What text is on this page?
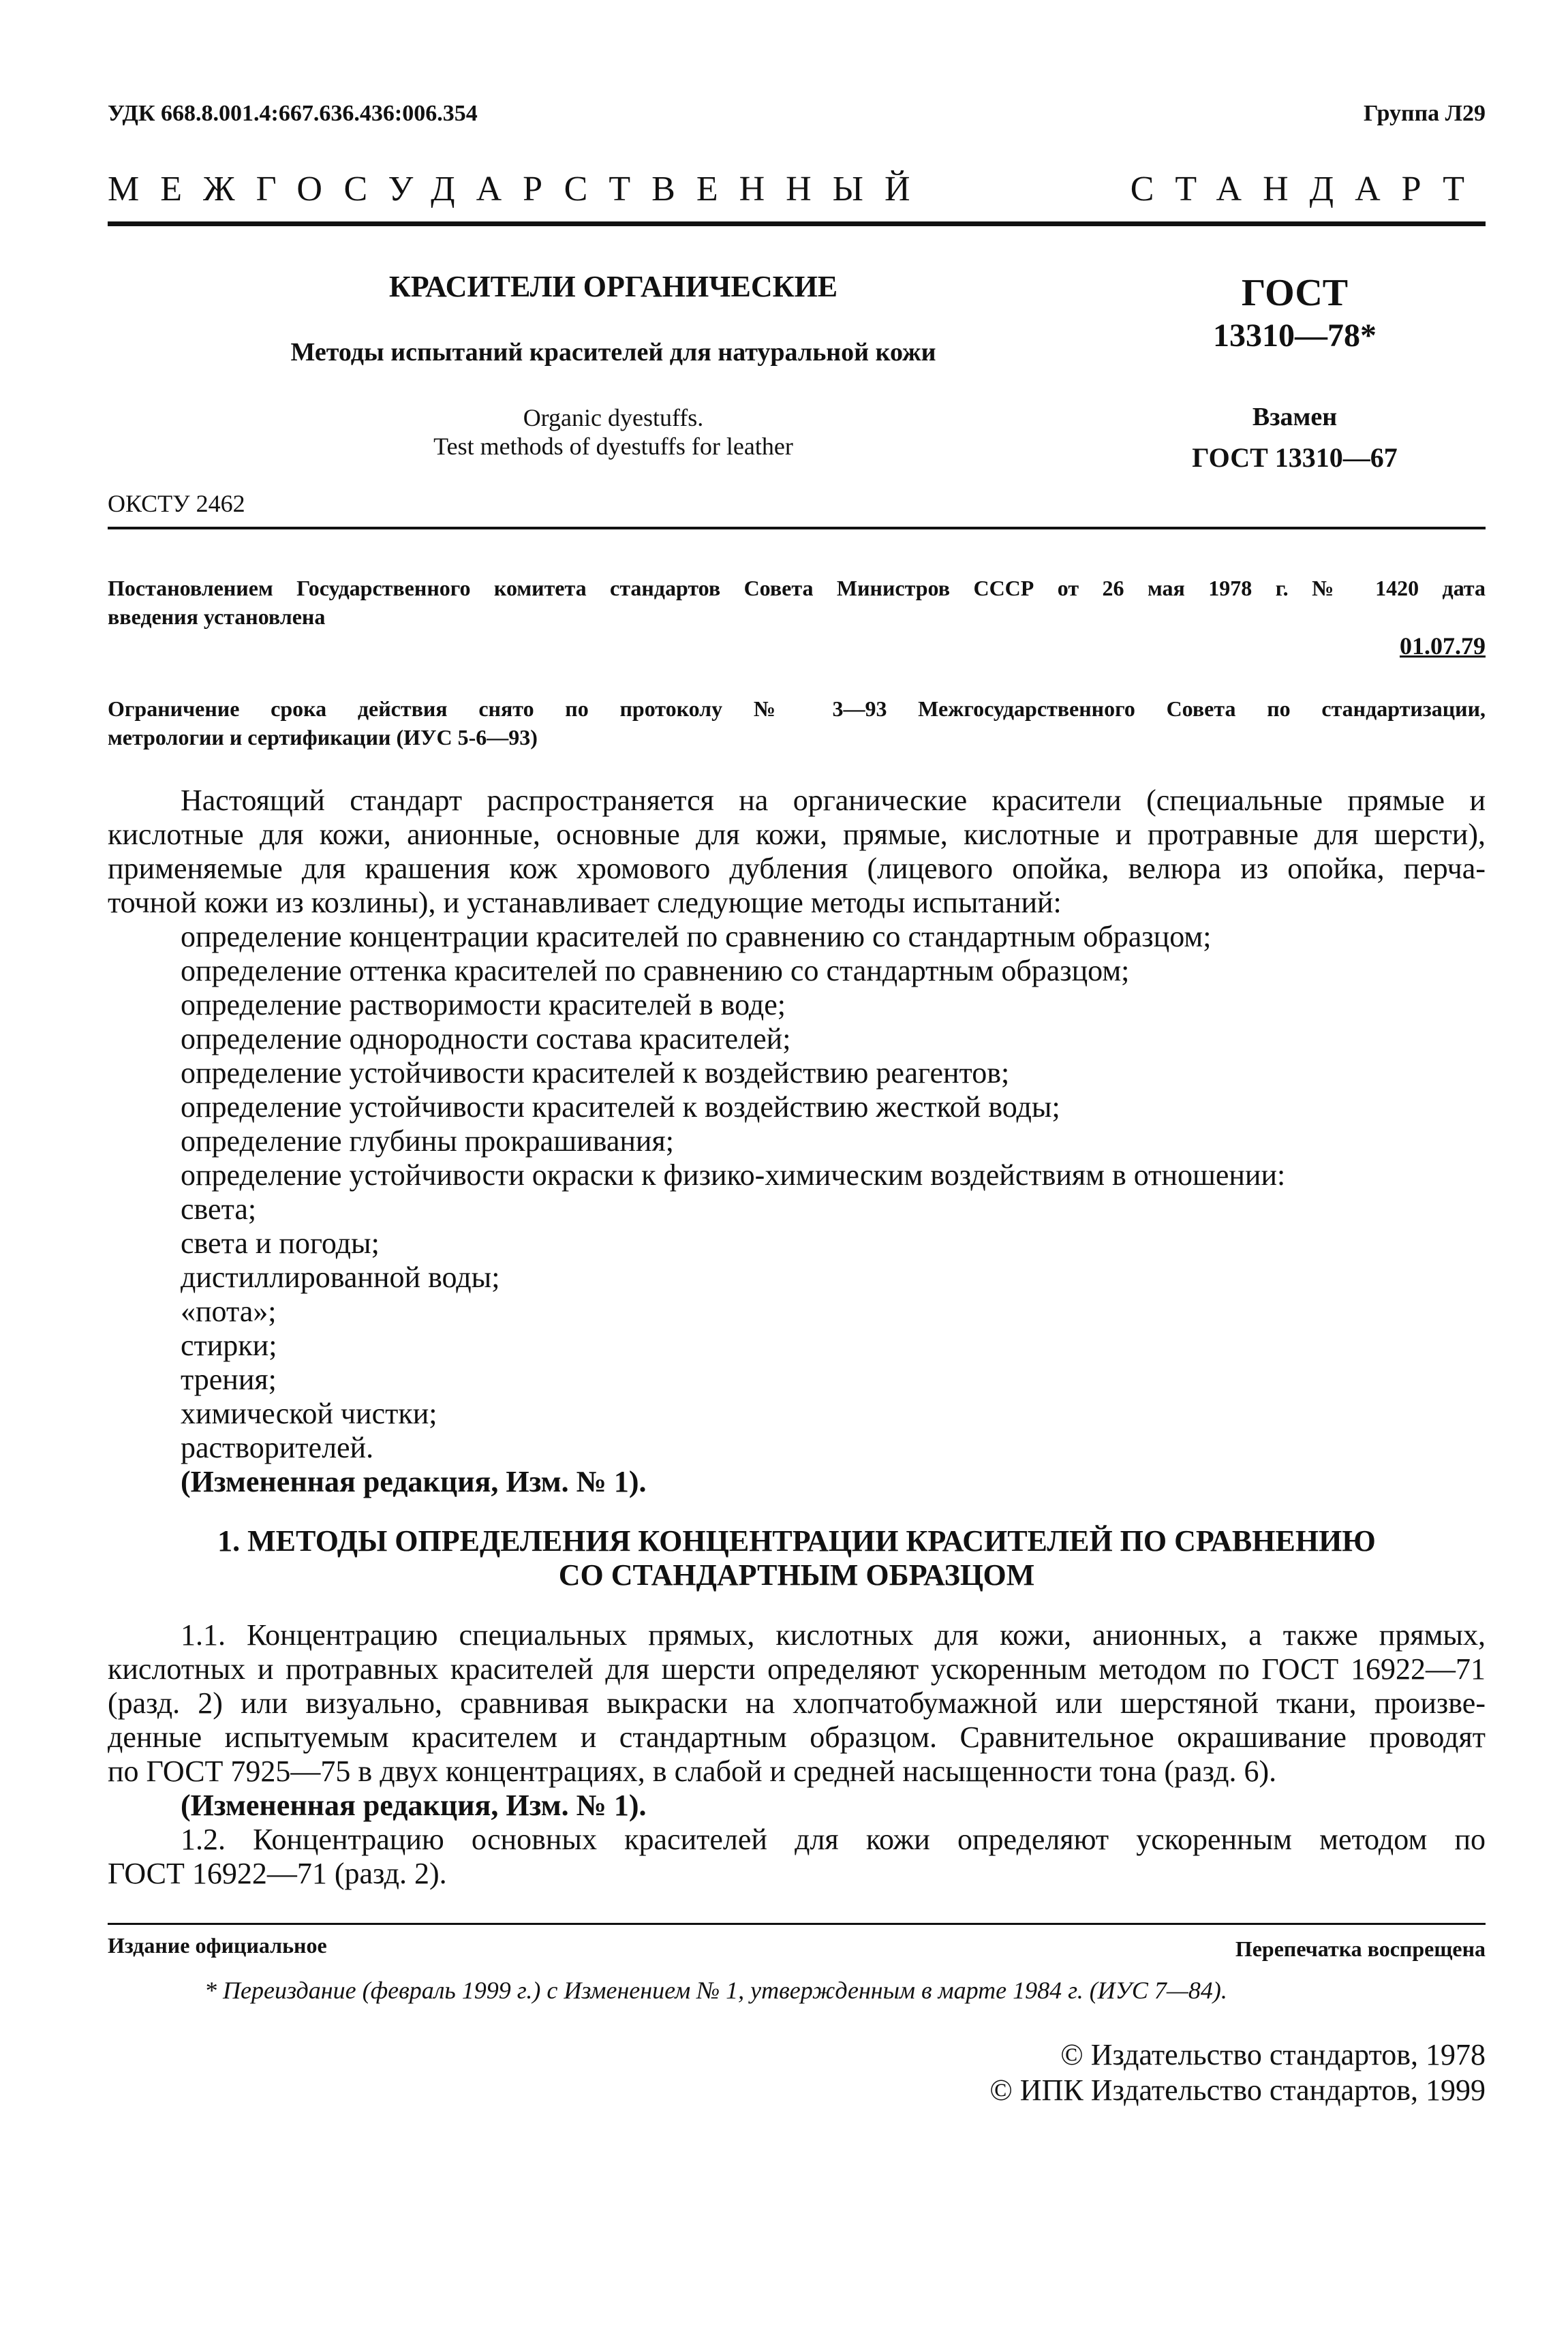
УДК 668.8.001.4:667.636.436:006.354	Группа Л29
МЕЖГОСУДАРСТВЕННЫЙ СТАНДАРТ
КРАСИТЕЛИ ОРГАНИЧЕСКИЕ
Методы испытаний красителей для натуральной кожи
Organic dyestuffs.
Test methods of dyestuffs for leather
ОКСТУ 2462
ГОСТ
13310—78*
Взамен
ГОСТ 13310—67
Постановлением Государственного комитета стандартов Совета Министров СССР от 26 мая 1978 г. № 1420 дата
введения установлена
01.07.79
Ограничение срока действия снято по протоколу № 3—93 Межгосударственного Совета по стандартизации,
метрологии и сертификации (ИУС 5-6—93)
Настоящий стандарт распространяется на органические красители (специальные прямые и
кислотные для кожи, анионные, основные для кожи, прямые, кислотные и протравные для шерсти),
применяемые для крашения кож хромового дубления (лицевого опойка, велюра из опойка, перча-
точной кожи из козлины), и устанавливает следующие методы испытаний:
определение концентрации красителей по сравнению со стандартным образцом;
определение оттенка красителей по сравнению со стандартным образцом;
определение растворимости красителей в воде;
определение однородности состава красителей;
определение устойчивости красителей к воздействию реагентов;
определение устойчивости красителей к воздействию жесткой воды;
определение глубины прокрашивания;
определение устойчивости окраски к физико-химическим воздействиям в отношении:
света;
света и погоды;
дистиллированной воды;
«пота»;
стирки;
трения;
химической чистки;
растворителей.
(Измененная редакция, Изм. № 1).
1. МЕТОДЫ ОПРЕДЕЛЕНИЯ КОНЦЕНТРАЦИИ КРАСИТЕЛЕЙ ПО СРАВНЕНИЮ
СО СТАНДАРТНЫМ ОБРАЗЦОМ
1.1. Концентрацию специальных прямых, кислотных для кожи, анионных, а также прямых,
кислотных и протравных красителей для шерсти определяют ускоренным методом по ГОСТ 16922—71
(разд. 2) или визуально, сравнивая выкраски на хлопчатобумажной или шерстяной ткани, произве-
денные испытуемым красителем и стандартным образцом. Сравнительное окрашивание проводят
по ГОСТ 7925—75 в двух концентрациях, в слабой и средней насыщенности тона (разд. 6).
(Измененная редакция, Изм. № 1).
1.2. Концентрацию основных красителей для кожи определяют ускоренным методом по
ГОСТ 16922—71 (разд. 2).
Издание официальное	Перепечатка воспрещена
* Переиздание (февраль 1999 г.) с Изменением № 1, утвержденным в марте 1984 г. (ИУС 7—84).
© Издательство стандартов, 1978
© ИПК Издательство стандартов, 1999
